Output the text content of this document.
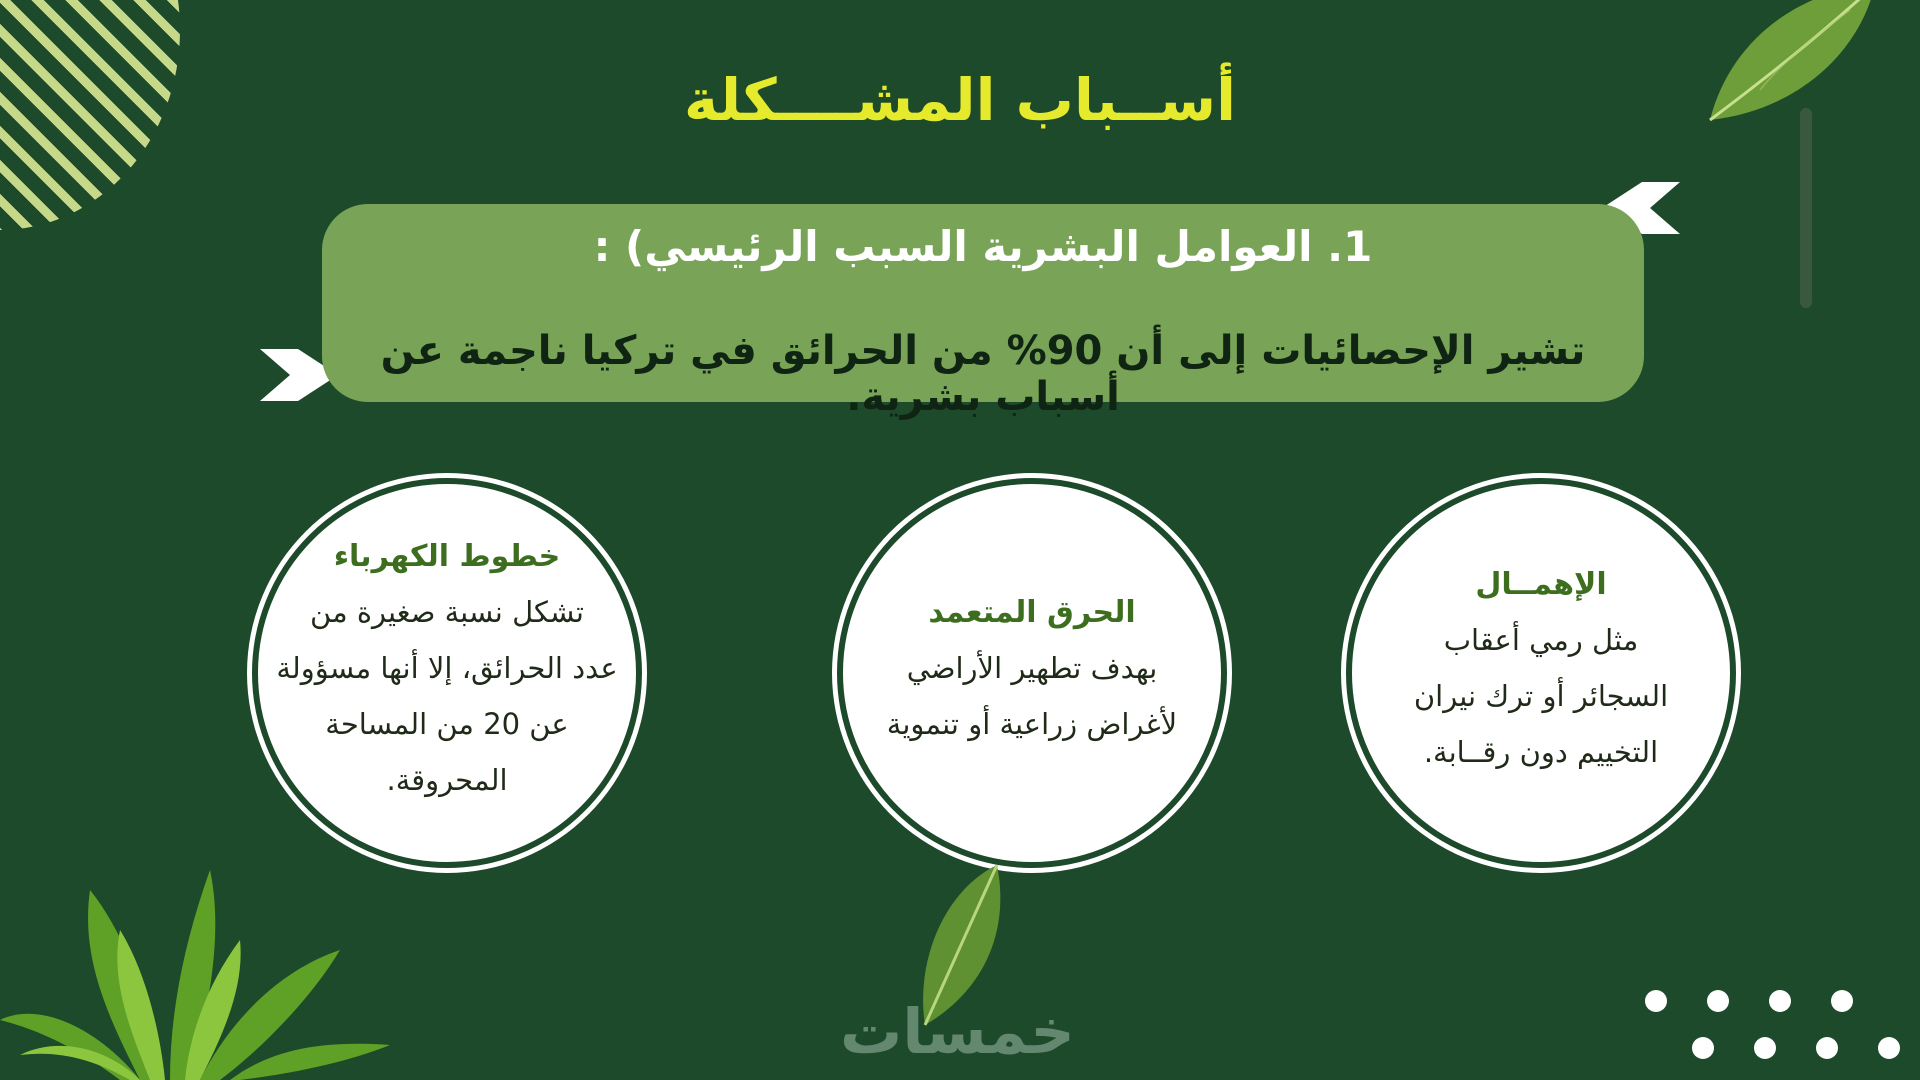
أســباب المشــــكلة
1. العوامل البشرية السبب الرئيسي) :
تشير الإحصائيات إلى أن 90% من الحرائق في تركيا ناجمة عن أسباب بشرية.
الإهمــال
مثل رمي أعقاب
السجائر أو ترك نيران
التخييم دون رقــابة.
الحرق المتعمد
بهدف تطهير الأراضي
لأغراض زراعية أو تنموية
خطوط الكهرباء
تشكل نسبة صغيرة من
عدد الحرائق، إلا أنها مسؤولة
عن 20 من المساحة
المحروقة.
خمسات
